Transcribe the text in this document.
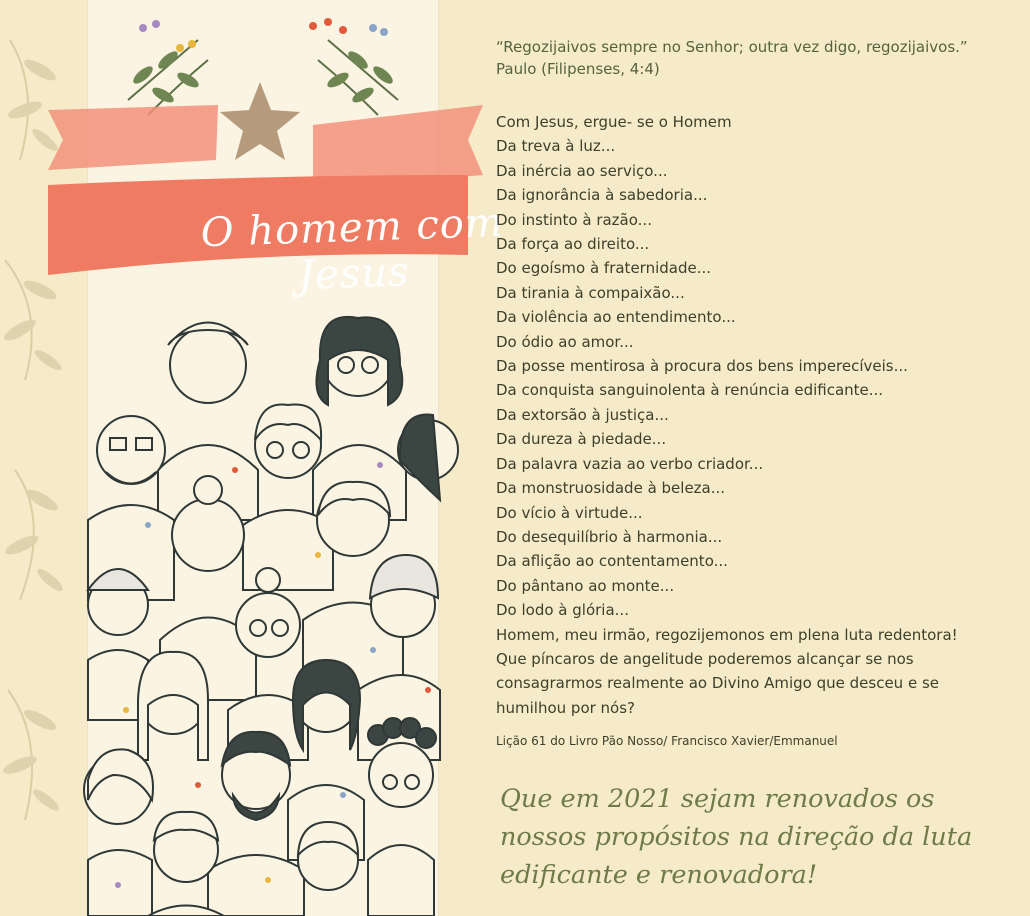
O homem com Jesus
“Regozijaivos sempre no Senhor; outra vez digo, regozijaivos.”
Paulo (Filipenses, 4:4)
Com Jesus, ergue- se o Homem
Da treva à luz...
Da inércia ao serviço...
Da ignorância à sabedoria...
Do instinto à razão...
Da força ao direito...
Do egoísmo à fraternidade...
Da tirania à compaixão...
Da violência ao entendimento...
Do ódio ao amor...
Da posse mentirosa à procura dos bens imperecíveis...
Da conquista sanguinolenta à renúncia edificante...
Da extorsão à justiça...
Da dureza à piedade...
Da palavra vazia ao verbo criador...
Da monstruosidade à beleza...
Do vício à virtude...
Do desequilíbrio à harmonia...
Da aflição ao contentamento...
Do pântano ao monte...
Do lodo à glória...
Homem, meu irmão, regozijemonos em plena luta redentora!
Que píncaros de angelitude poderemos alcançar se nos
consagrarmos realmente ao Divino Amigo que desceu e se
humilhou por nós?
Lição 61 do Livro Pão Nosso/ Francisco Xavier/Emmanuel
Que em 2021 sejam renovados os
nossos propósitos na direção da luta
edificante e renovadora!
